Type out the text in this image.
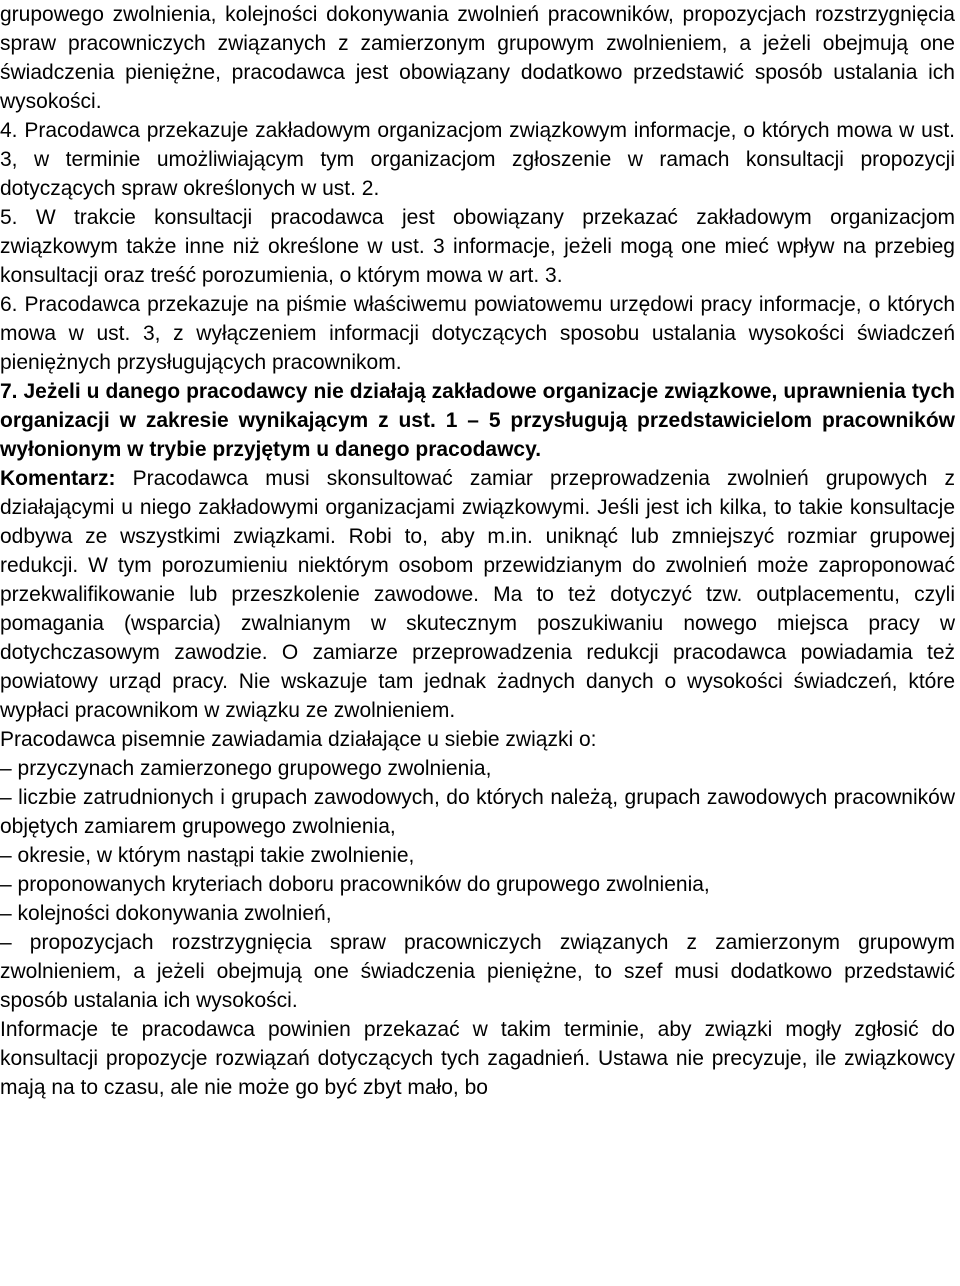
grupowego zwolnienia, kolejności dokonywania zwolnień pracowników, propozycjach rozstrzygnięcia spraw pracowniczych związanych z zamierzonym grupowym zwolnieniem, a jeżeli obejmują one świadczenia pieniężne, pracodawca jest obowiązany dodatkowo przedstawić sposób ustalania ich wysokości.

4. Pracodawca przekazuje zakładowym organizacjom związkowym informacje, o których mowa w ust. 3, w terminie umożliwiającym tym organizacjom zgłoszenie w ramach konsultacji propozycji dotyczących spraw określonych w ust. 2.

5. W trakcie konsultacji pracodawca jest obowiązany przekazać zakładowym organizacjom związkowym także inne niż określone w ust. 3 informacje, jeżeli mogą one mieć wpływ na przebieg konsultacji oraz treść porozumienia, o którym mowa w art. 3.

6. Pracodawca przekazuje na piśmie właściwemu powiatowemu urzędowi pracy informacje, o których mowa w ust. 3, z wyłączeniem informacji dotyczących sposobu ustalania wysokości świadczeń pieniężnych przysługujących pracownikom.

7. Jeżeli u danego pracodawcy nie działają zakładowe organizacje związkowe, uprawnienia tych organizacji w zakresie wynikającym z ust. 1 – 5 przysługują przedstawicielom pracowników wyłonionym w trybie przyjętym u danego pracodawcy.

Komentarz: Pracodawca musi skonsultować zamiar przeprowadzenia zwolnień grupowych z działającymi u niego zakładowymi organizacjami związkowymi. Jeśli jest ich kilka, to takie konsultacje odbywa ze wszystkimi związkami. Robi to, aby m.in. uniknąć lub zmniejszyć rozmiar grupowej redukcji. W tym porozumieniu niektórym osobom przewidzianym do zwolnień może zaproponować przekwalifikowanie lub przeszkolenie zawodowe. Ma to też dotyczyć tzw. outplacementu, czyli pomagania (wsparcia) zwalnianym w skutecznym poszukiwaniu nowego miejsca pracy w dotychczasowym zawodzie. O zamiarze przeprowadzenia redukcji pracodawca powiadamia też powiatowy urząd pracy. Nie wskazuje tam jednak żadnych danych o wysokości świadczeń, które wypłaci pracownikom w związku ze zwolnieniem.

Pracodawca pisemnie zawiadamia działające u siebie związki o:

– przyczynach zamierzonego grupowego zwolnienia,

– liczbie zatrudnionych i grupach zawodowych, do których należą, grupach zawodowych pracowników objętych zamiarem grupowego zwolnienia,

– okresie, w którym nastąpi takie zwolnienie,

– proponowanych kryteriach doboru pracowników do grupowego zwolnienia,

– kolejności dokonywania zwolnień,

– propozycjach rozstrzygnięcia spraw pracowniczych związanych z zamierzonym grupowym zwolnieniem, a jeżeli obejmują one świadczenia pieniężne, to szef musi dodatkowo przedstawić sposób ustalania ich wysokości.

Informacje te pracodawca powinien przekazać w takim terminie, aby związki mogły zgłosić do konsultacji propozycje rozwiązań dotyczących tych zagadnień. Ustawa nie precyzuje, ile związkowcy mają na to czasu, ale nie może go być zbyt mało, bo
